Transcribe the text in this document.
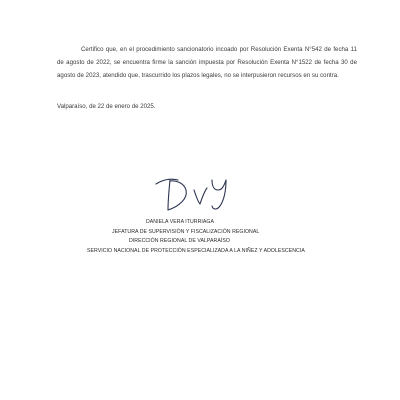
Certifico que, en el procedimiento sancionatorio incoado por Resolución Exenta N°542 de fecha 11 de agosto de 2022, se encuentra firme la sanción impuesta por Resolución Exenta N°1522 de fecha 30 de agosto de 2023, atendido que, trascurrido los plazos legales, no se interpusieron recursos en su contra.

Valparaíso, de 22 de enero de 2025.
DANIELA VERA ITURRIAGA
JEFATURA DE SUPERVISIÓN Y FISCALIZACIÓN REGIONAL
DIRECCIÓN REGIONAL DE VALPARAÍSO
SERVICIO NACIONAL DE PROTECCIÓN ESPECIALIZADA A LA NIÑEZ Y ADOLESCENCIA
